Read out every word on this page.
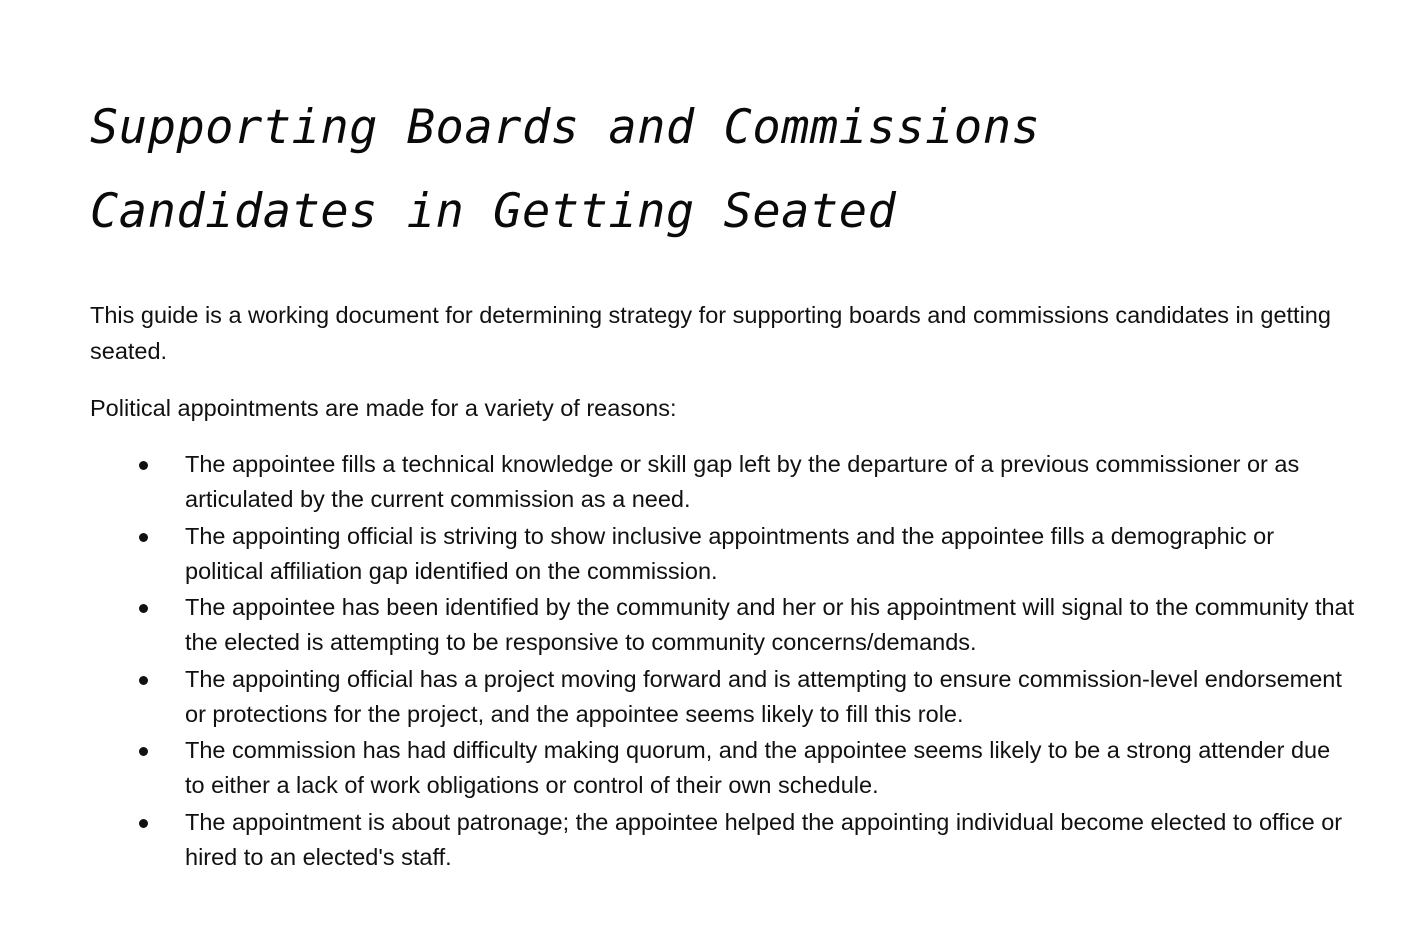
Supporting Boards and Commissions Candidates in Getting Seated

This guide is a working document for determining strategy for supporting boards and commissions candidates in getting seated.

Political appointments are made for a variety of reasons:

The appointee fills a technical knowledge or skill gap left by the departure of a previous commissioner or as articulated by the current commission as a need.
The appointing official is striving to show inclusive appointments and the appointee fills a demographic or political affiliation gap identified on the commission.
The appointee has been identified by the community and her or his appointment will signal to the community that the elected is attempting to be responsive to community concerns/demands.
The appointing official has a project moving forward and is attempting to ensure commission-level endorsement or protections for the project, and the appointee seems likely to fill this role.
The commission has had difficulty making quorum, and the appointee seems likely to be a strong attender due to either a lack of work obligations or control of their own schedule.
The appointment is about patronage; the appointee helped the appointing individual become elected to office or hired to an elected's staff.
